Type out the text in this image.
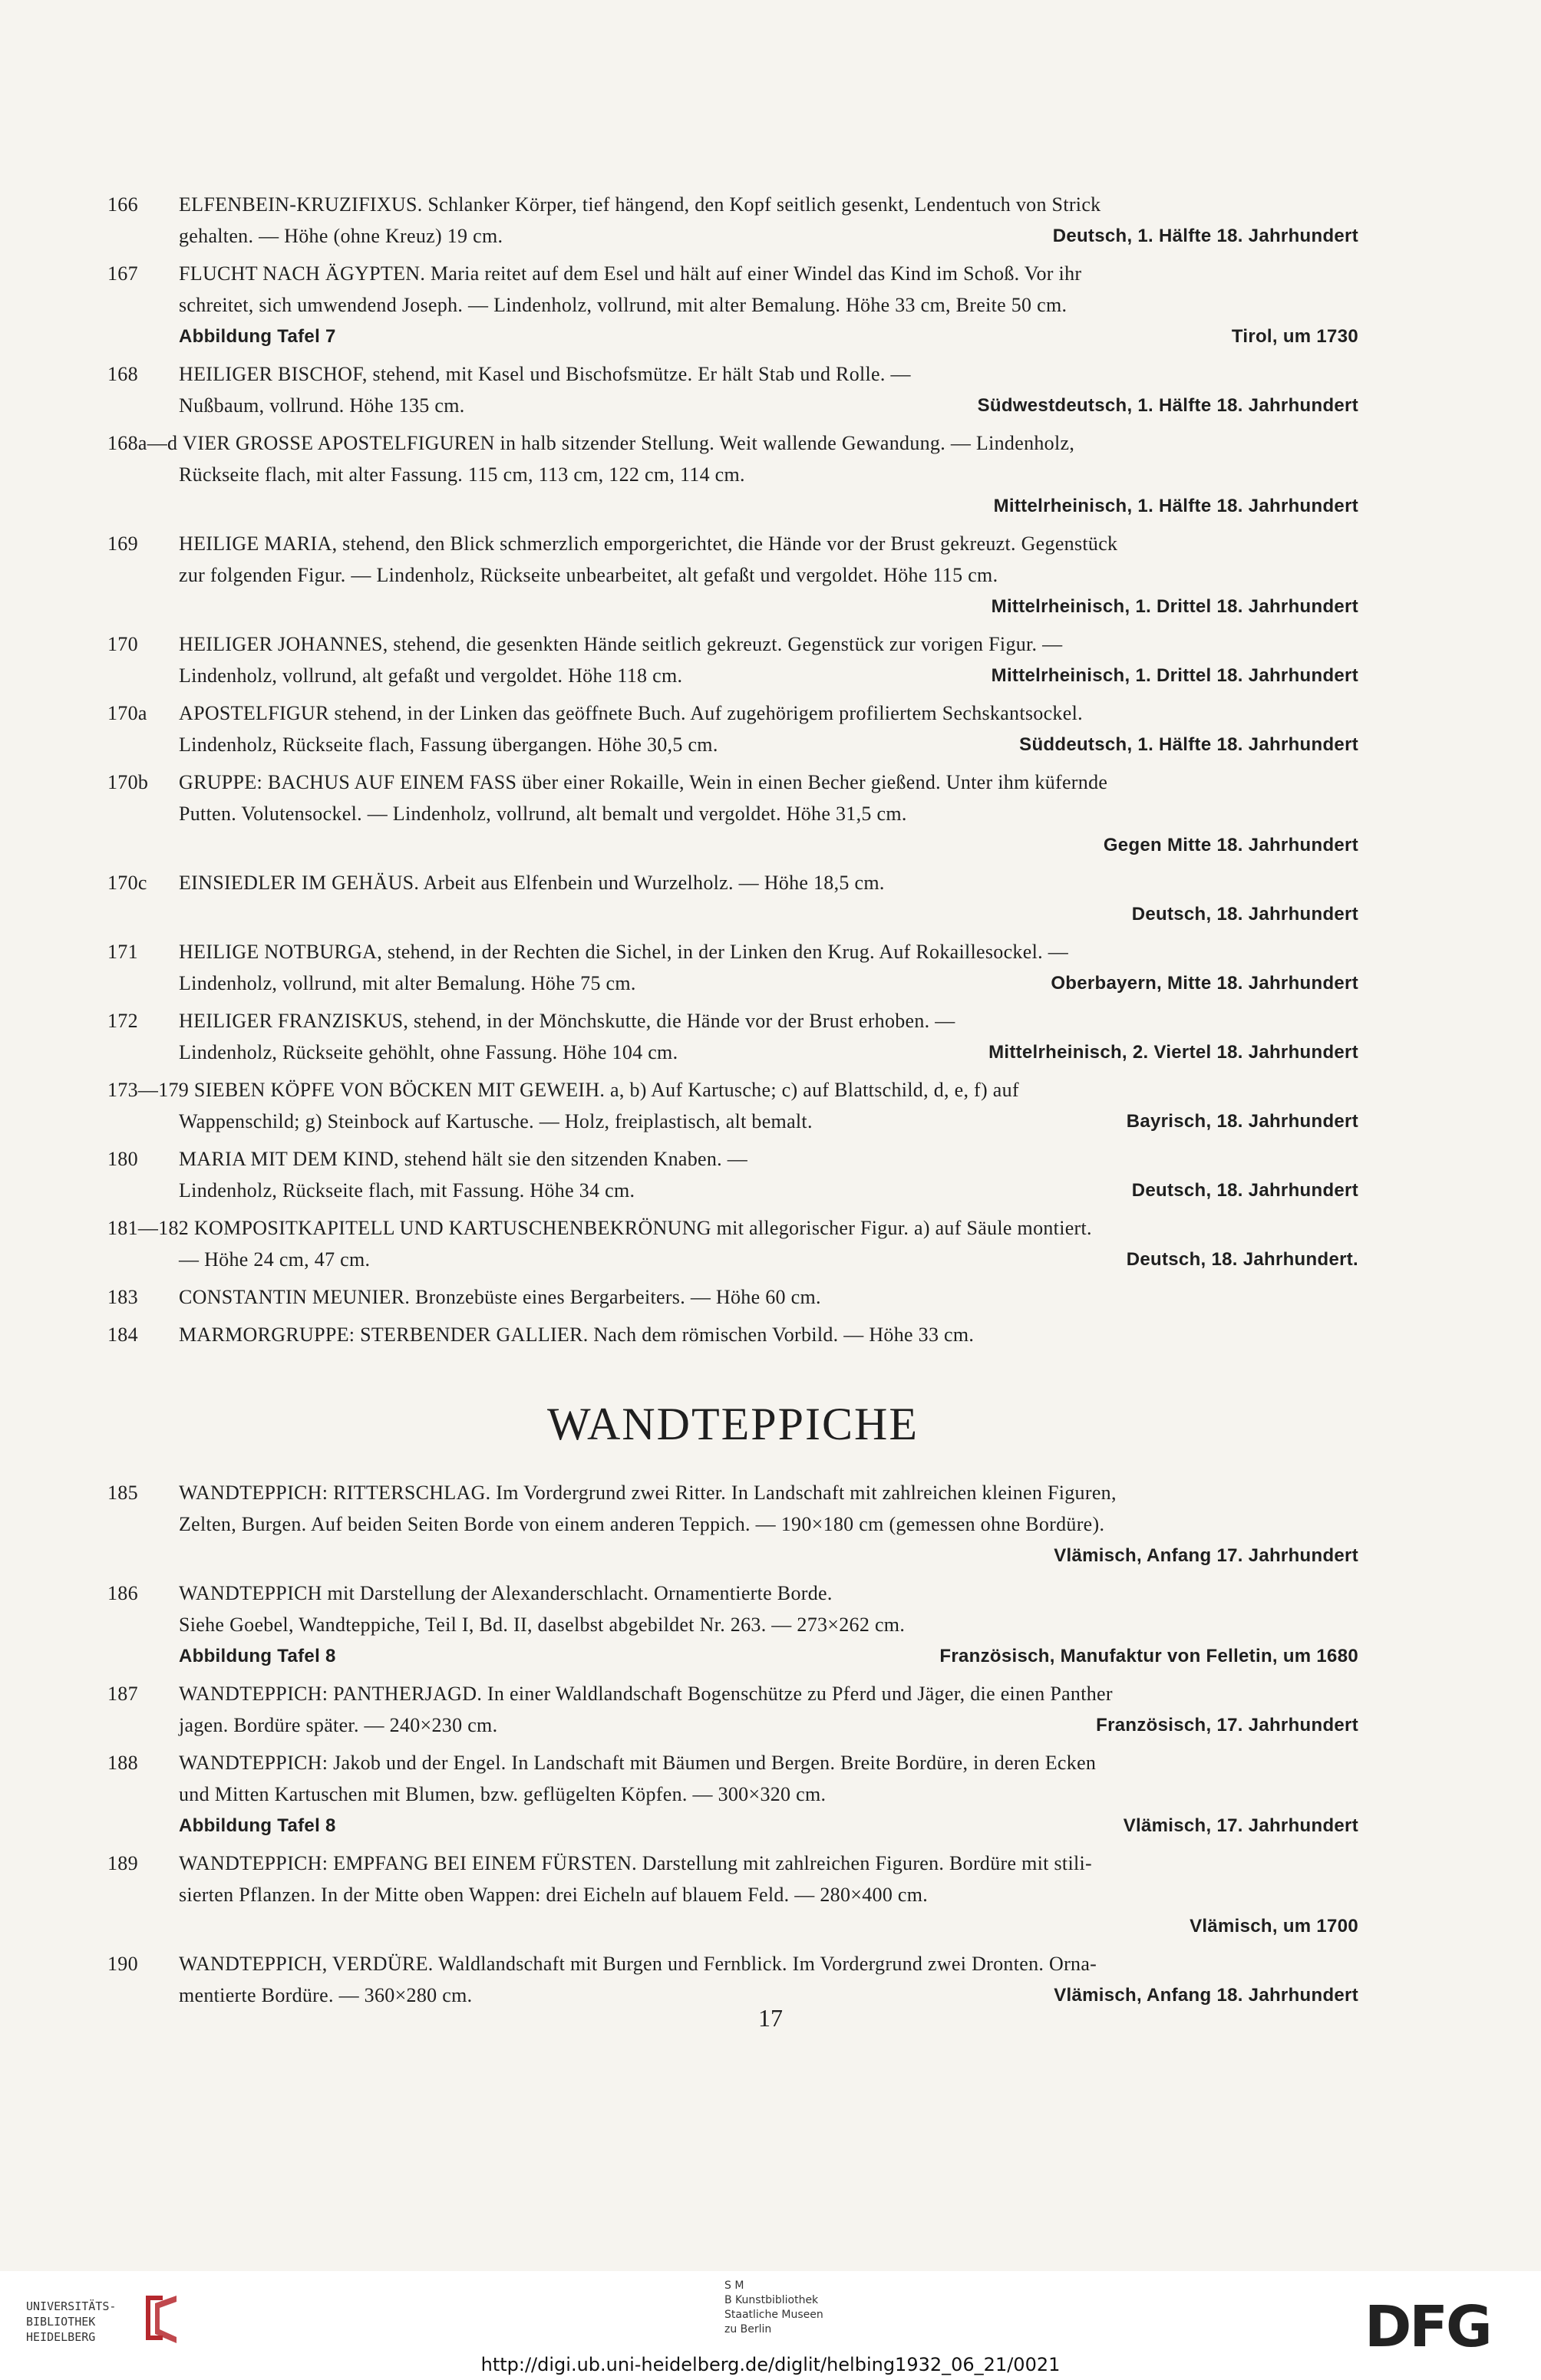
166 ELFENBEIN-KRUZIFIXUS. Schlanker Körper, tief hängend, den Kopf seitlich gesenkt, Lendentuch von Strick
gehalten. — Höhe (ohne Kreuz) 19 cm.	Deutsch, 1. Hälfte 18. Jahrhundert
167 FLUCHT NACH ÄGYPTEN. Maria reitet auf dem Esel und hält auf einer Windel das Kind im Schoß. Vor ihr
schreitet, sich umwendend Joseph. — Lindenholz, vollrund, mit alter Bemalung. Höhe 33 cm, Breite 50 cm.
Abbildung Tafel 7	Tirol, um 1730
168 HEILIGER BISCHOF, stehend, mit Kasel und Bischofsmütze. Er hält Stab und Rolle. —
Nußbaum, vollrund. Höhe 135 cm.	Südwestdeutsch, 1. Hälfte 18. Jahrhundert
168a—d VIER GROSSE APOSTELFIGUREN in halb sitzender Stellung. Weit wallende Gewandung. — Lindenholz,
Rückseite flach, mit alter Fassung. 115 cm, 113 cm, 122 cm, 114 cm.
Mittelrheinisch, 1. Hälfte 18. Jahrhundert
169 HEILIGE MARIA, stehend, den Blick schmerzlich emporgerichtet, die Hände vor der Brust gekreuzt. Gegenstück
zur folgenden Figur. — Lindenholz, Rückseite unbearbeitet, alt gefaßt und vergoldet. Höhe 115 cm.
Mittelrheinisch, 1. Drittel 18. Jahrhundert
170 HEILIGER JOHANNES, stehend, die gesenkten Hände seitlich gekreuzt. Gegenstück zur vorigen Figur. —
Lindenholz, vollrund, alt gefaßt und vergoldet. Höhe 118 cm.	Mittelrheinisch, 1. Drittel 18. Jahrhundert
170a APOSTELFIGUR stehend, in der Linken das geöffnete Buch. Auf zugehörigem profiliertem Sechskantsockel.
Lindenholz, Rückseite flach, Fassung übergangen. Höhe 30,5 cm.	Süddeutsch, 1. Hälfte 18. Jahrhundert
170b GRUPPE: BACHUS AUF EINEM FASS über einer Rokaille, Wein in einen Becher gießend. Unter ihm küfernde
Putten. Volutensockel. — Lindenholz, vollrund, alt bemalt und vergoldet. Höhe 31,5 cm.
Gegen Mitte 18. Jahrhundert
170c EINSIEDLER IM GEHÄUS. Arbeit aus Elfenbein und Wurzelholz. — Höhe 18,5 cm.
Deutsch, 18. Jahrhundert
171 HEILIGE NOTBURGA, stehend, in der Rechten die Sichel, in der Linken den Krug. Auf Rokaillesockel. —
Lindenholz, vollrund, mit alter Bemalung. Höhe 75 cm.	Oberbayern, Mitte 18. Jahrhundert
172 HEILIGER FRANZISKUS, stehend, in der Mönchskutte, die Hände vor der Brust erhoben. —
Lindenholz, Rückseite gehöhlt, ohne Fassung. Höhe 104 cm.	Mittelrheinisch, 2. Viertel 18. Jahrhundert
173—179 SIEBEN KÖPFE VON BÖCKEN MIT GEWEIH. a, b) Auf Kartusche; c) auf Blattschild, d, e, f) auf
Wappenschild; g) Steinbock auf Kartusche. — Holz, freiplastisch, alt bemalt.	Bayrisch, 18. Jahrhundert
180 MARIA MIT DEM KIND, stehend hält sie den sitzenden Knaben. —
Lindenholz, Rückseite flach, mit Fassung. Höhe 34 cm.	Deutsch, 18. Jahrhundert
181—182 KOMPOSITKAPITELL UND KARTUSCHENBEKRÖNUNG mit allegorischer Figur. a) auf Säule montiert.
— Höhe 24 cm, 47 cm.	Deutsch, 18. Jahrhundert.
183 CONSTANTIN MEUNIER. Bronzebüste eines Bergarbeiters. — Höhe 60 cm.
184 MARMORGRUPPE: STERBENDER GALLIER. Nach dem römischen Vorbild. — Höhe 33 cm.
WANDTEPPICHE
185 WANDTEPPICH: RITTERSCHLAG. Im Vordergrund zwei Ritter. In Landschaft mit zahlreichen kleinen Figuren,
Zelten, Burgen. Auf beiden Seiten Borde von einem anderen Teppich. — 190×180 cm (gemessen ohne Bordüre).
Vlämisch, Anfang 17. Jahrhundert
186 WANDTEPPICH mit Darstellung der Alexanderschlacht. Ornamentierte Borde.
Siehe Goebel, Wandteppiche, Teil I, Bd. II, daselbst abgebildet Nr. 263. — 273×262 cm.
Abbildung Tafel 8	Französisch, Manufaktur von Felletin, um 1680
187 WANDTEPPICH: PANTHERJAGD. In einer Waldlandschaft Bogenschütze zu Pferd und Jäger, die einen Panther
jagen. Bordüre später. — 240×230 cm.	Französisch, 17. Jahrhundert
188 WANDTEPPICH: Jakob und der Engel. In Landschaft mit Bäumen und Bergen. Breite Bordüre, in deren Ecken
und Mitten Kartuschen mit Blumen, bzw. geflügelten Köpfen. — 300×320 cm.
Abbildung Tafel 8	Vlämisch, 17. Jahrhundert
189 WANDTEPPICH: EMPFANG BEI EINEM FÜRSTEN. Darstellung mit zahlreichen Figuren. Bordüre mit stili-
sierten Pflanzen. In der Mitte oben Wappen: drei Eicheln auf blauem Feld. — 280×400 cm.
Vlämisch, um 1700
190 WANDTEPPICH, VERDÜRE. Waldlandschaft mit Burgen und Fernblick. Im Vordergrund zwei Dronten. Orna-
mentierte Bordüre. — 360×280 cm.	Vlämisch, Anfang 18. Jahrhundert
17
UNIVERSITÄTS-
BIBLIOTHEK
HEIDELBERG
S M
B Kunstbibliothek
Staatliche Museen
zu Berlin	DFG
http://digi.ub.uni-heidelberg.de/diglit/helbing1932_06_21/0021
